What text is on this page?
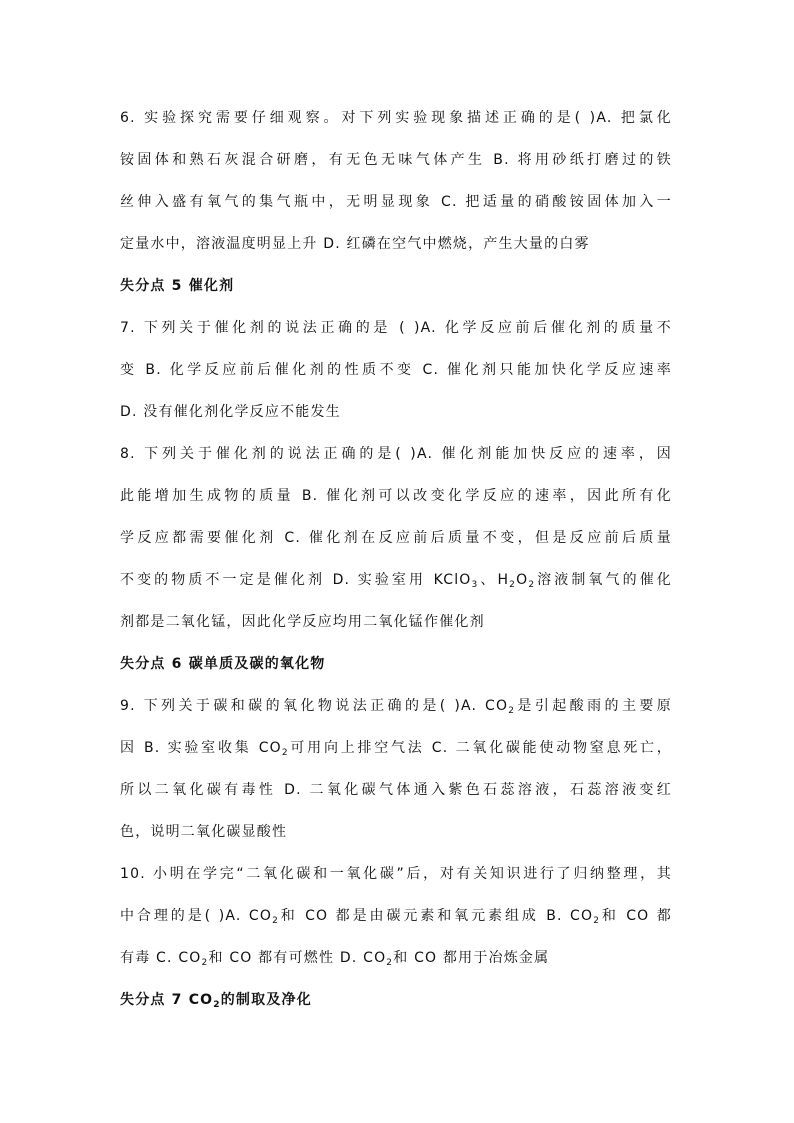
6. 实验探究需要仔细观察。对下列实验现象描述正确的是( )A. 把氯化
铵固体和熟石灰混合研磨，有无色无味气体产生 B. 将用砂纸打磨过的铁
丝伸入盛有氧气的集气瓶中，无明显现象 C. 把适量的硝酸铵固体加入一
定量水中，溶液温度明显上升 D. 红磷在空气中燃烧，产生大量的白雾
失分点 5 催化剂
7. 下列关于催化剂的说法正确的是 ( )A. 化学反应前后催化剂的质量不
变 B. 化学反应前后催化剂的性质不变 C. 催化剂只能加快化学反应速率
D. 没有催化剂化学反应不能发生
8. 下列关于催化剂的说法正确的是( )A. 催化剂能加快反应的速率，因
此能增加生成物的质量 B. 催化剂可以改变化学反应的速率，因此所有化
学反应都需要催化剂 C. 催化剂在反应前后质量不变，但是反应前后质量
不变的物质不一定是催化剂 D. 实验室用 KClO$_3$、$H_2O_2$溶液制氧气的催化
剂都是二氧化锰，因此化学反应均用二氧化锰作催化剂
失分点 6 碳单质及碳的氧化物
9. 下列关于碳和碳的氧化物说法正确的是( )A. $CO_2$是引起酸雨的主要原
因 B. 实验室收集 $CO_2$可用向上排空气法 C. 二氧化碳能使动物窒息死亡，
所以二氧化碳有毒性 D. 二氧化碳气体通入紫色石蕊溶液，石蕊溶液变红
色，说明二氧化碳显酸性
10. 小明在学完“二氧化碳和一氧化碳”后，对有关知识进行了归纳整理，其
中合理的是( )A. $CO_2$和 CO 都是由碳元素和氧元素组成 B. $CO_2$和 CO 都
有毒 C. $CO_2$和 CO 都有可燃性 D. $CO_2$和 CO 都用于冶炼金属
失分点 7 $CO_2$的制取及净化
